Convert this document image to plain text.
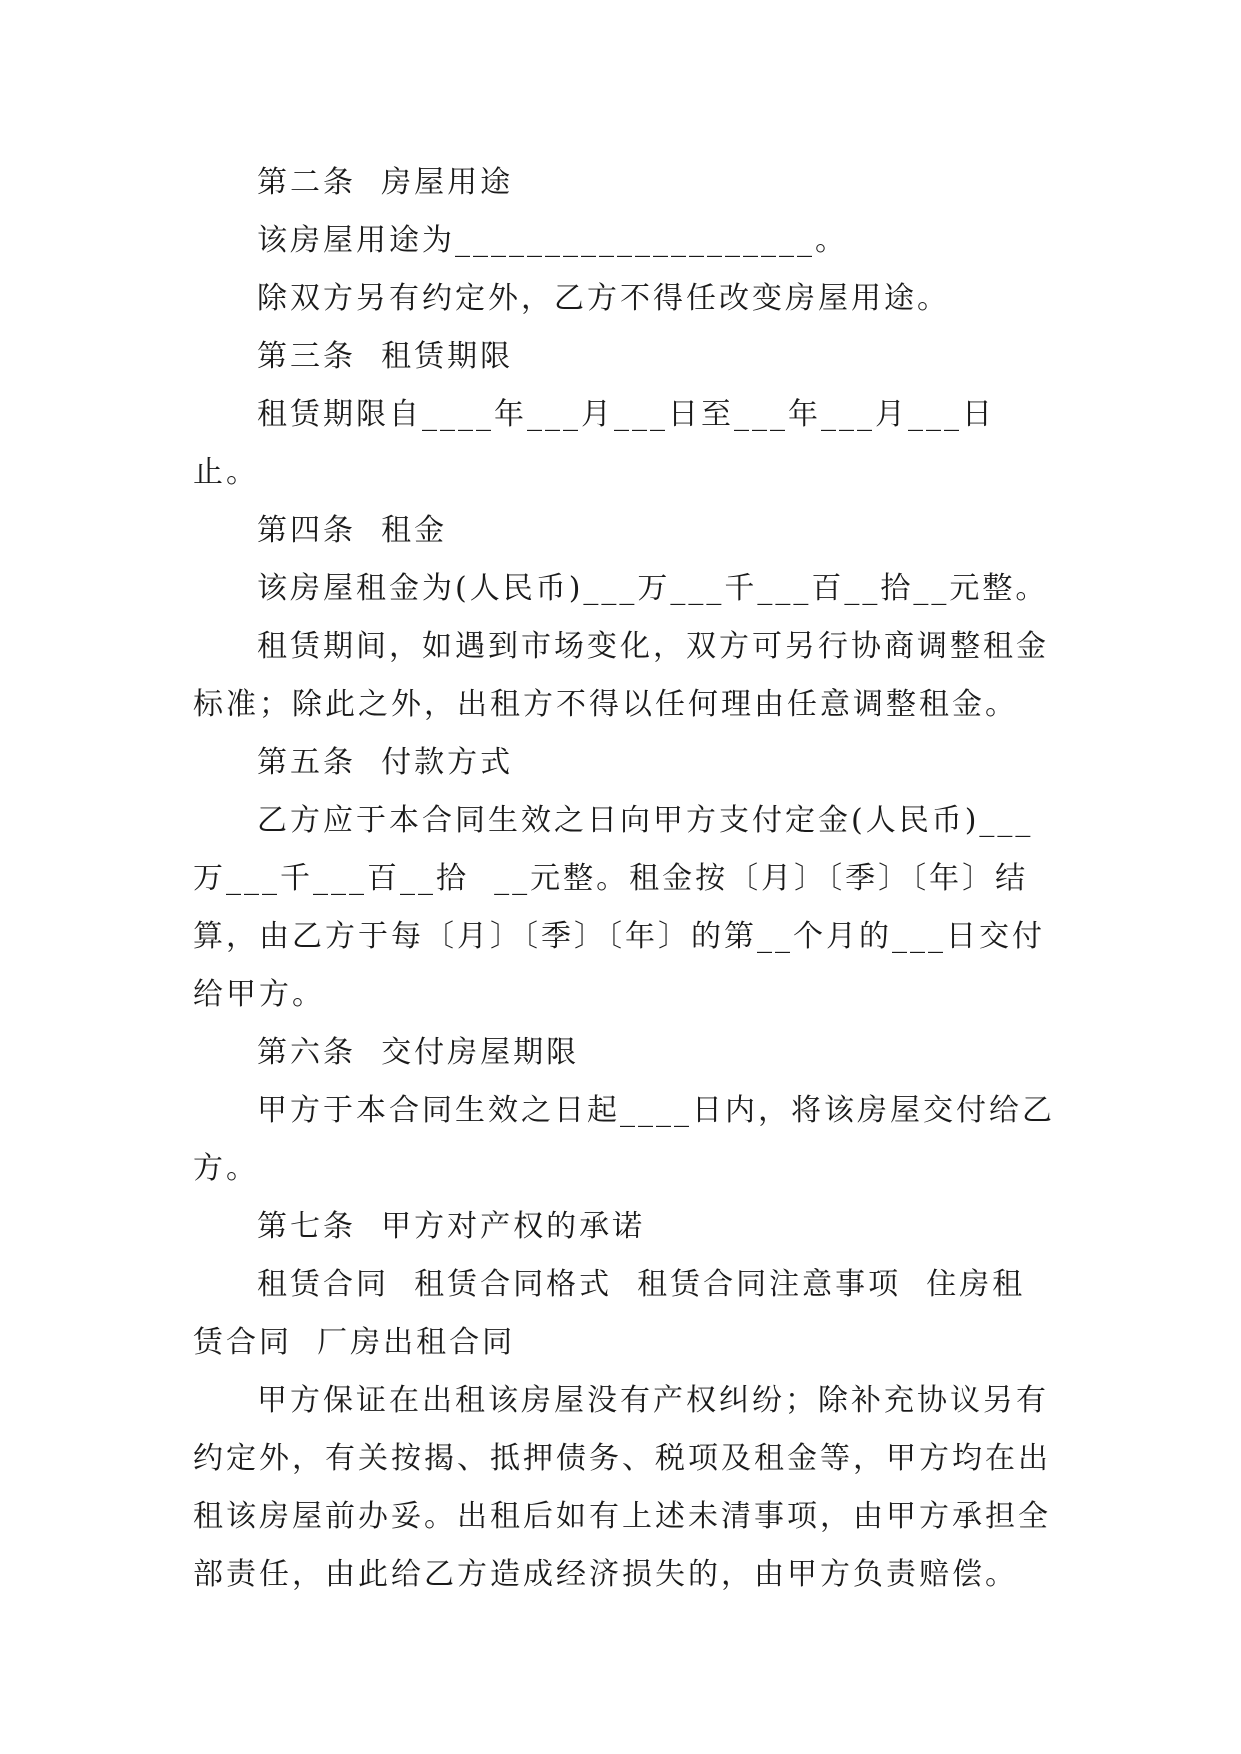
第二条  房屋用途

该房屋用途为____________________。

除双方另有约定外，乙方不得任改变房屋用途。

第三条  租赁期限

租赁期限自____年___月___日至___年___月___日止。

第四条  租金

该房屋租金为(人民币)___万___千___百__拾__元整。

租赁期间，如遇到市场变化，双方可另行协商调整租金标准；除此之外，出租方不得以任何理由任意调整租金。

第五条  付款方式

乙方应于本合同生效之日向甲方支付定金(人民币)___万___千___百__拾  __元整。租金按〔月〕〔季〕〔年〕结算，由乙方于每〔月〕〔季〕〔年〕的第__个月的___日交付给甲方。

第六条  交付房屋期限

甲方于本合同生效之日起____日内，将该房屋交付给乙方。

第七条  甲方对产权的承诺

租赁合同  租赁合同格式  租赁合同注意事项  住房租赁合同  厂房出租合同

甲方保证在出租该房屋没有产权纠纷；除补充协议另有约定外，有关按揭、抵押债务、税项及租金等，甲方均在出租该房屋前办妥。出租后如有上述未清事项，由甲方承担全部责任，由此给乙方造成经济损失的，由甲方负责赔偿。
